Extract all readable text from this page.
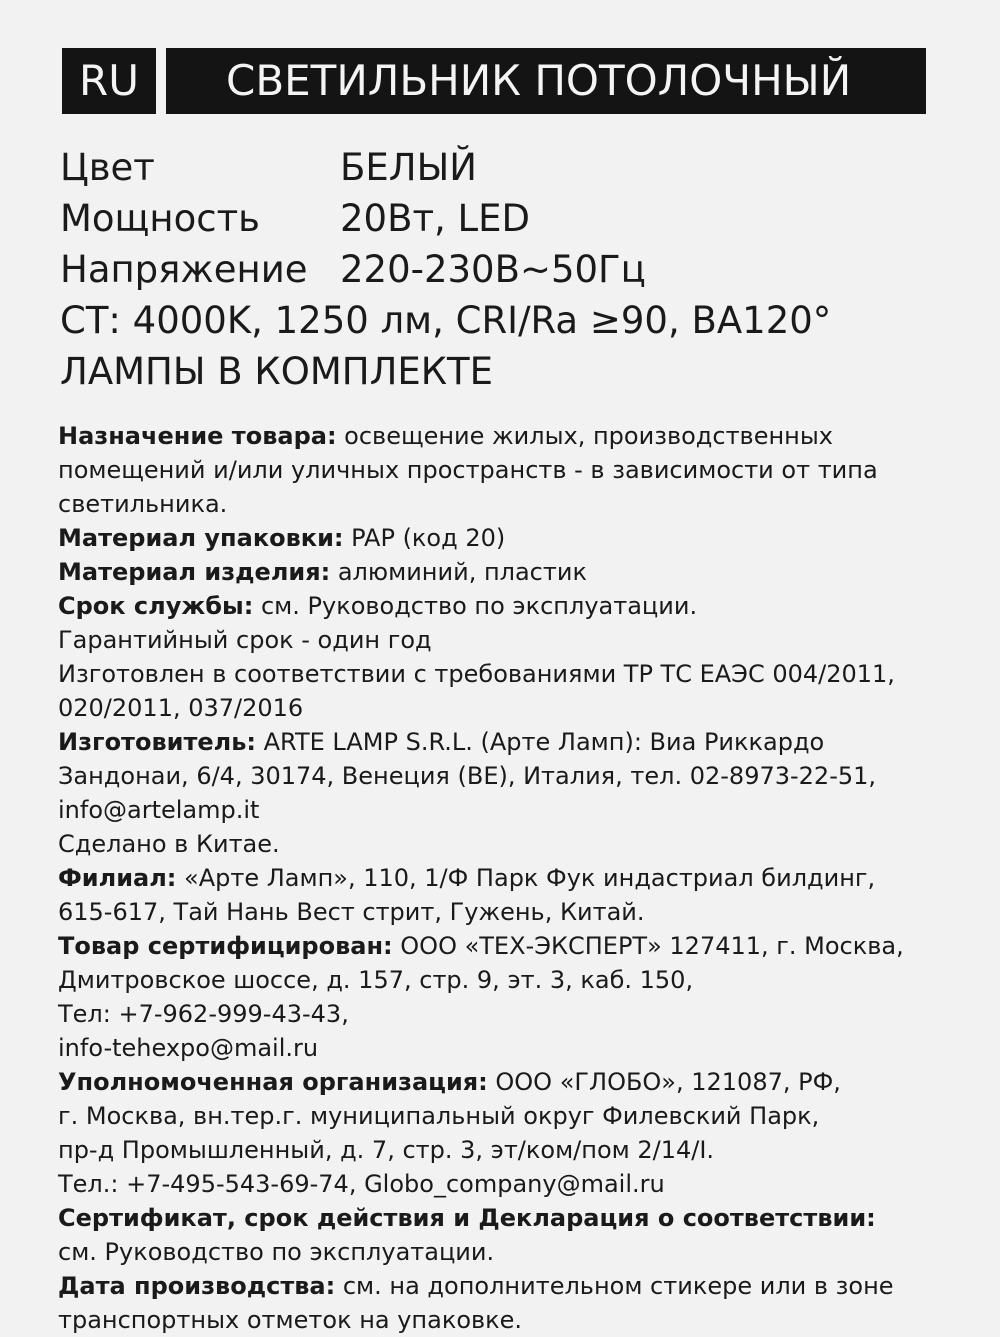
RU	СВЕТИЛЬНИК ПОТОЛОЧНЫЙ
Цвет	БЕЛЫЙ
Мощность 20Вт, LED
Напряжение 220-230В~50Гц
СТ: 4000K, 1250 лм, CRI/Ra ≥90, BA120°
ЛАМПЫ В КОМПЛЕКТЕ

Назначение товара: освещение жилых, производственных

помещений и/или уличных пространств - в зависимости от типа

светильника.

Материал упаковки: PAP (код 20)

Материал изделия: алюминий, пластик

Срок службы: см. Руководство по эксплуатации.

Гарантийный срок - один год

Изготовлен в соответствии с требованиями ТР ТС ЕАЭС 004/2011,

020/2011, 037/2016

Изготовитель: ARTE LAMP S.R.L. (Арте Ламп): Виа Риккардо

Зандонаи, 6/4, 30174, Венеция (ВЕ), Италия, тел. 02-8973-22-51,

info@artelamp.it

Сделано в Китае.

Филиал: «Арте Ламп», 110, 1/Ф Парк Фук индастриал билдинг,

615-617, Тай Нань Вест стрит, Гужень, Китай.

Товар сертифицирован: ООО «ТЕХ-ЭКСПЕРТ» 127411, г. Москва,

Дмитровское шоссе, д. 157, стр. 9, эт. 3, каб. 150,

Тел: +7-962-999-43-43,

info-tehexpo@mail.ru

Уполномоченная организация: ООО «ГЛОБО», 121087, РФ,

г. Москва, вн.тер.г. муниципальный округ Филевский Парк,

пр-д Промышленный, д. 7, стр. 3, эт/ком/пом 2/14/I.

Тел.: +7-495-543-69-74, Globo_company@mail.ru

Сертификат, срок действия и Декларация о соответствии:

см. Руководство по эксплуатации.

Дата производства: см. на дополнительном стикере или в зоне

транспортных отметок на упаковке.
